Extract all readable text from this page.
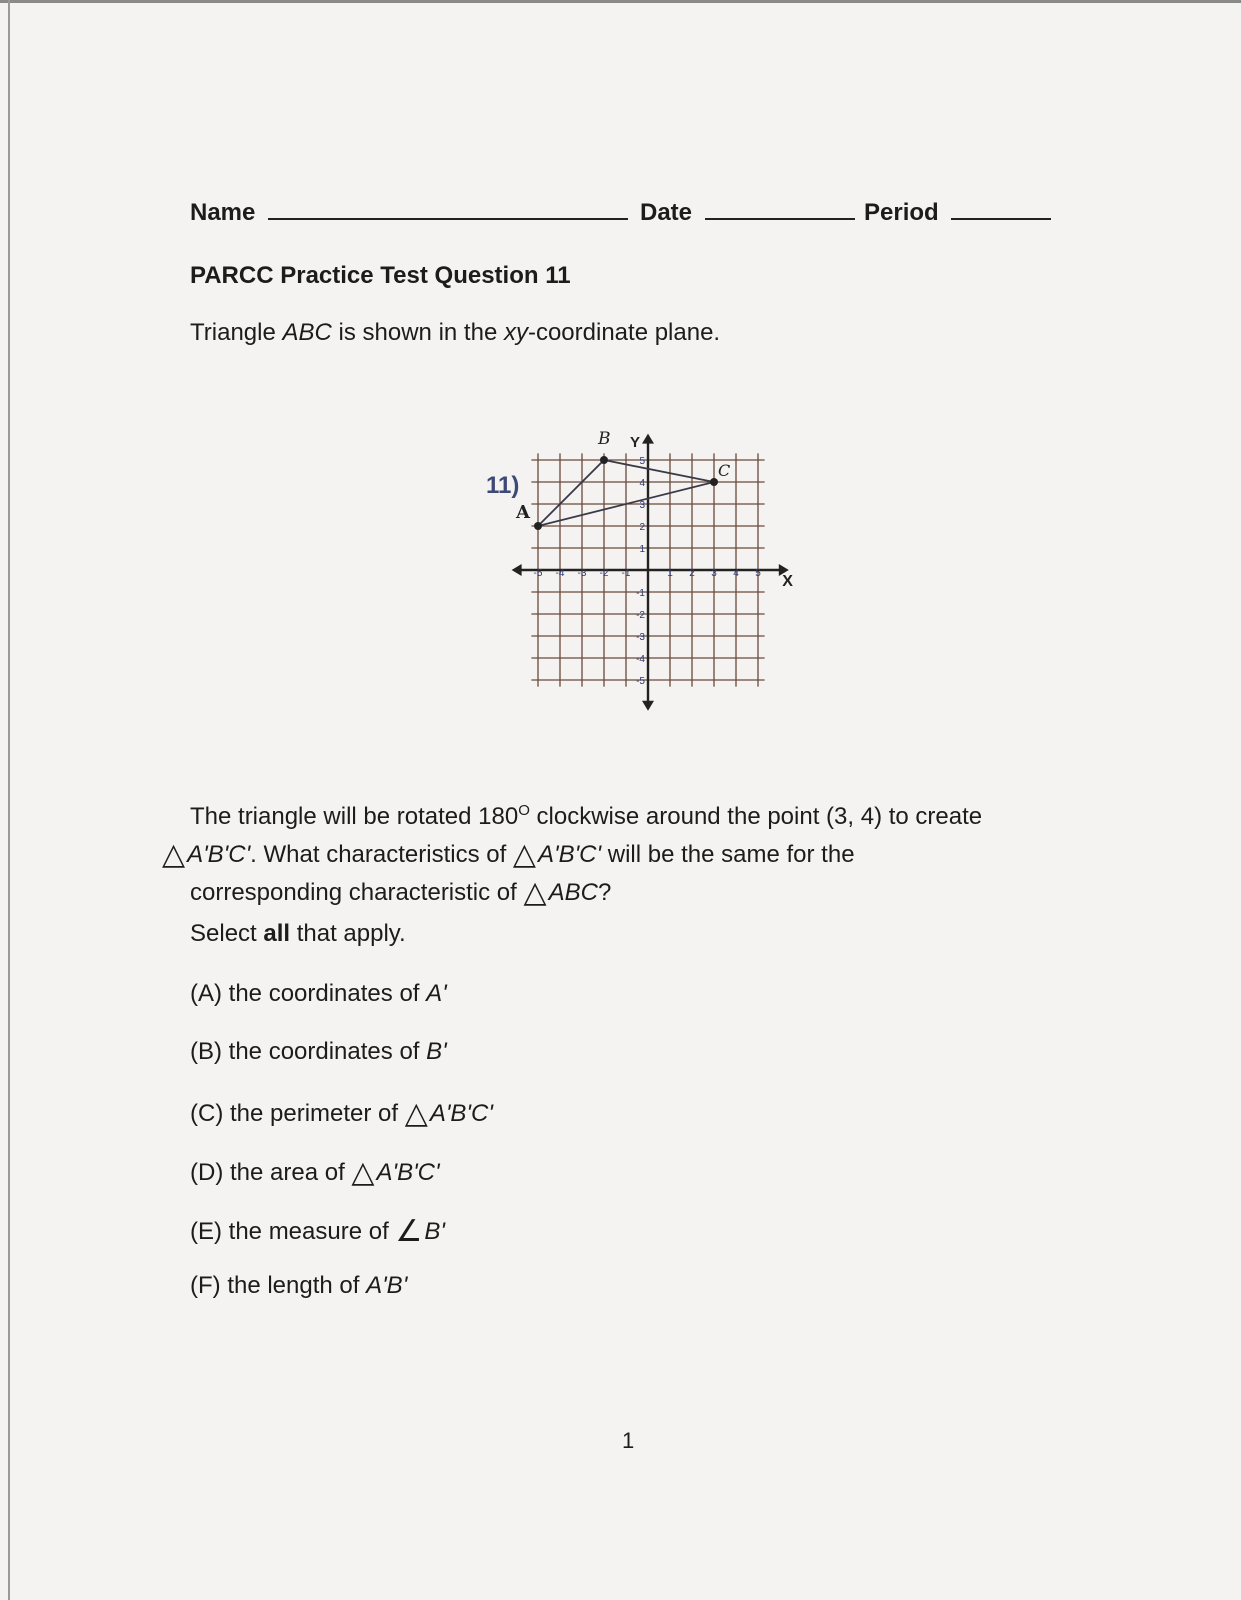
Name	Date	Period
PARCC Practice Test Question 11
Triangle ABC is shown in the xy-coordinate plane.
11)
-5 -4 -3 -2 -1	1 2 3 4 5
5
4
3
2
1
-1
-2
-3
-4
-5
X
Y
A
B
C
The triangle will be rotated $180^O$ clockwise around the point (3, 4) to create
△A'B'C'. What characteristics of △A'B'C' will be the same for the
corresponding characteristic of △ABC?
Select all that apply.
(A) the coordinates of A'
(B) the coordinates of B'
(C) the perimeter of △A'B'C'
(D) the area of △A'B'C'
(E) the measure of ∠B'
(F) the length of A'B'
1
